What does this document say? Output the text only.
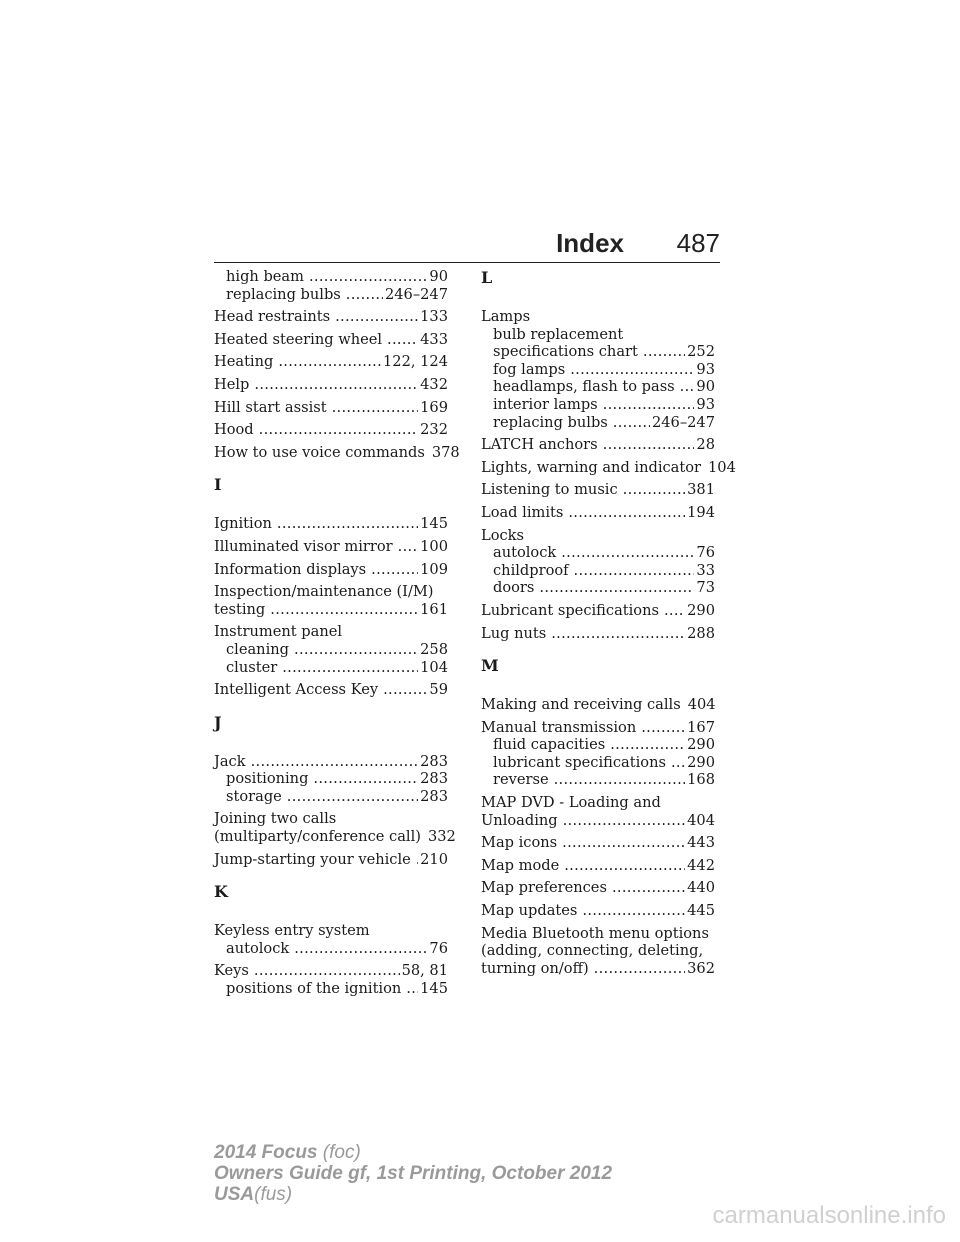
Index 487
high beam .....	90
replacing bulbs .....	246–247
Head restraints .....	133
Heated steering wheel .....	433
Heating .....	122, 124
Help .....	432
Hill start assist .....	169
Hood .....	232
How to use voice commands 378
I
Ignition .....	145
Illuminated visor mirror ..... 100
Information displays .....	109
Inspection/maintenance (I/M)
testing .....	161
Instrument panel
cleaning .....	258
cluster .....	104
Intelligent Access Key .....	59
J
Jack .....	283
positioning .....	283
storage .....	283
Joining two calls
(multiparty/conference call) 332
Jump-starting your vehicle ..... 210
K
Keyless entry system
autolock .....	76
Keys .....	58, 81
positions of the ignition ..... 145
L
Lamps
bulb replacement
specifications chart .....	252
fog lamps .....	93
headlamps, flash to pass ..... 90
interior lamps .....	93
replacing bulbs .....	246–247
LATCH anchors .....	28
Lights, warning and indicator 104
Listening to music .....	381
Load limits .....	194
Locks
autolock .....	76
childproof .....	33
doors .....	73
Lubricant specifications ..... 290
Lug nuts .....	288
M
Making and receiving calls 404
Manual transmission .....	167
fluid capacities .....	290
lubricant specifications ..... 290
reverse .....	168
MAP DVD - Loading and
Unloading .....	404
Map icons .....	443
Map mode .....	442
Map preferences .....	440
Map updates .....	445
Media Bluetooth menu options
(adding, connecting, deleting,
turning on/off) .....	362
2014 Focus (foc)
Owners Guide gf, 1st Printing, October 2012
USA(fus)
carmanualsonline.info
